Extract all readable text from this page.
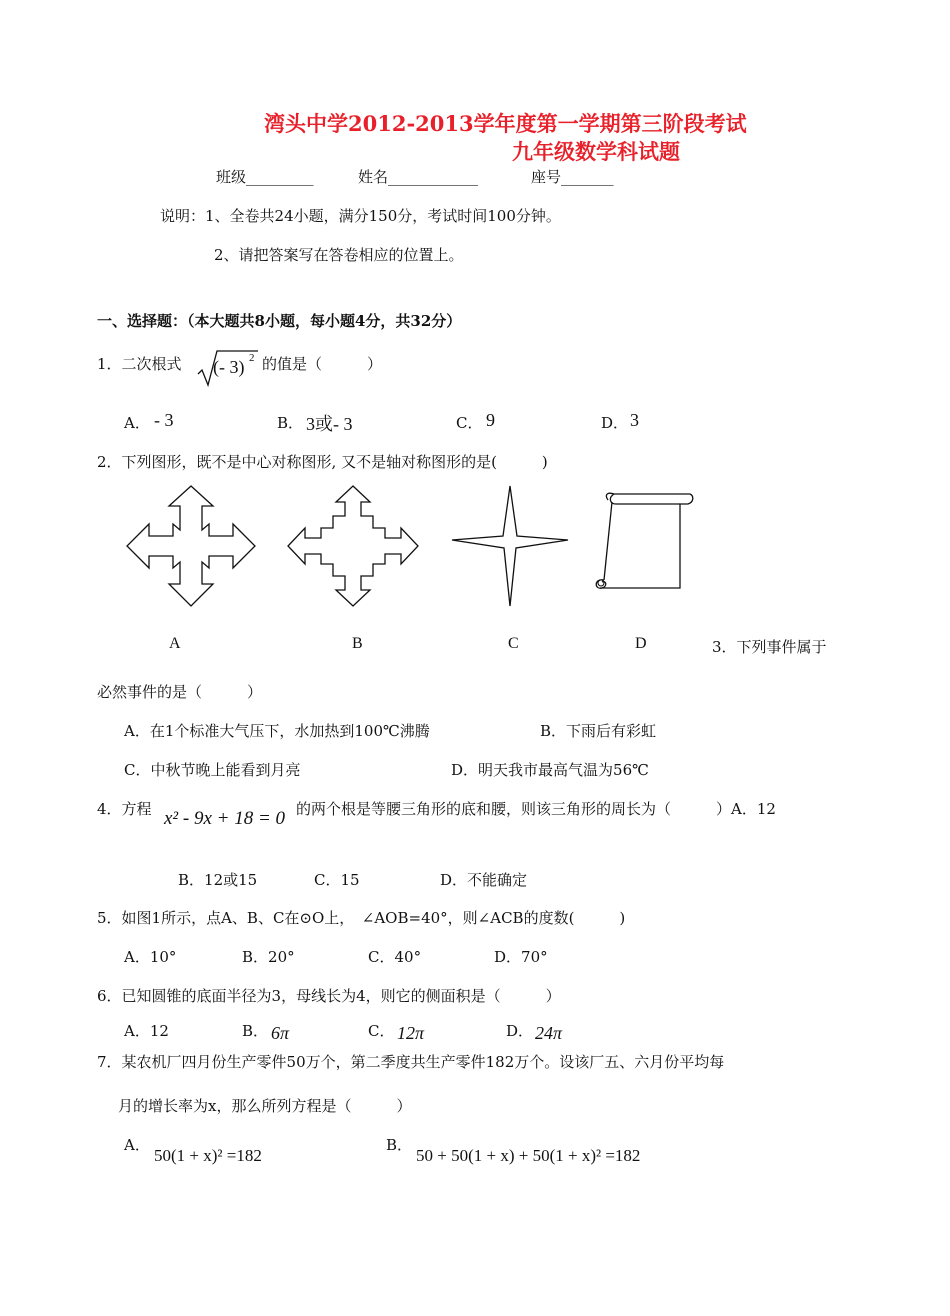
湾头中学2012-2013学年度第一学期第三阶段考试
九年级数学科试题
班级_________	姓名____________	座号_______
说明：1、全卷共24小题，满分150分，考试时间100分钟。
2、请把答案写在答卷相应的位置上。
一、选择题：（本大题共8小题，每小题4分，共32分）
1．二次根式 (- 3) 2 的值是（　　　）
A． - 3	B． 3或- 3	C． 9	D． 3
2．下列图形，既不是中心对称图形, 又不是轴对称图形的是(　　　)
A	B	C	D	3．下列事件属于
必然事件的是（　　　）
A．在1个标准大气压下，水加热到100℃沸腾	B．下雨后有彩虹
C．中秋节晚上能看到月亮	D．明天我市最高气温为56℃
4．方程 x² - 9x + 18 = 0 的两个根是等腰三角形的底和腰，则该三角形的周长为（　　　）A．12
B．12或15	C．15	D．不能确定
5．如图1所示，点A、B、C在⊙O上，　∠AOB=40°，则∠ACB的度数(　　　)
A．10°	B．20°	C．40°	D．70°
6．已知圆锥的底面半径为3，母线长为4，则它的侧面积是（　　　）
A．12	B． 6π	C． 12π	D． 24π
7．某农机厂四月份生产零件50万个，第二季度共生产零件182万个。设该厂五、六月份平均每
月的增长率为x，那么所列方程是（　　　）
A．
50(1 + x)² =182
B．
50 + 50(1 + x) + 50(1 + x)² =182
